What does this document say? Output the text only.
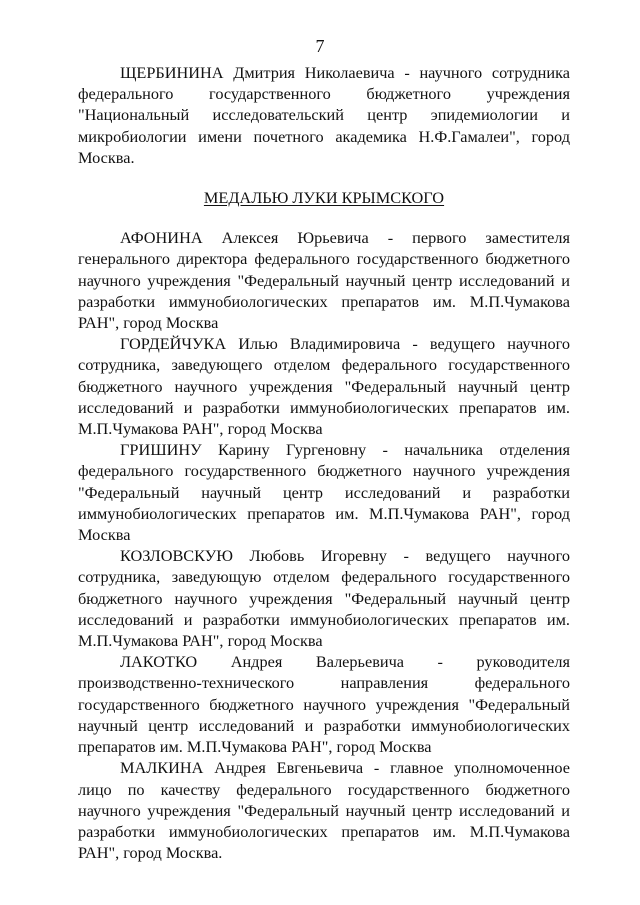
7

ЩЕРБИНИНА Дмитрия Николаевича - научного сотрудника федерального государственного бюджетного учреждения "Национальный исследовательский центр эпидемиологии и микробиологии имени почетного академика Н.Ф.Гамалеи", город Москва.

МЕДАЛЬЮ ЛУКИ КРЫМСКОГО

АФОНИНА Алексея Юрьевича - первого заместителя генерального директора федерального государственного бюджетного научного учреждения "Федеральный научный центр исследований и разработки иммунобиологических препаратов им. М.П.Чумакова РАН", город Москва

ГОРДЕЙЧУКА Илью Владимировича - ведущего научного сотрудника, заведующего отделом федерального государственного бюджетного научного учреждения "Федеральный научный центр исследований и разработки иммунобиологических препаратов им. М.П.Чумакова РАН", город Москва

ГРИШИНУ Карину Гургеновну - начальника отделения федерального государственного бюджетного научного учреждения "Федеральный научный центр исследований и разработки иммунобиологических препаратов им. М.П.Чумакова РАН", город Москва

КОЗЛОВСКУЮ Любовь Игоревну - ведущего научного сотрудника, заведующую отделом федерального государственного бюджетного научного учреждения "Федеральный научный центр исследований и разработки иммунобиологических препаратов им. М.П.Чумакова РАН", город Москва

ЛАКОТКО Андрея Валерьевича - руководителя производственно-технического направления федерального государственного бюджетного научного учреждения "Федеральный научный центр исследований и разработки иммунобиологических препаратов им. М.П.Чумакова РАН", город Москва

МАЛКИНА Андрея Евгеньевича - главное уполномоченное лицо по качеству федерального государственного бюджетного научного учреждения "Федеральный научный центр исследований и разработки иммунобиологических препаратов им. М.П.Чумакова РАН", город Москва.
